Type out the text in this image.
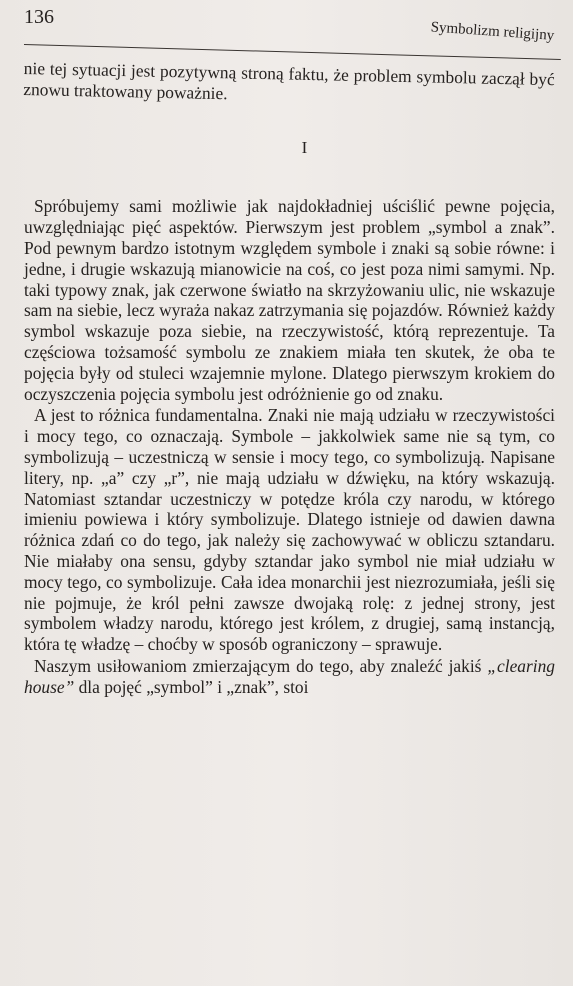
136
Symbolizm religijny

nie tej sytuacji jest pozytywną stroną faktu, że problem symbolu zaczął być znowu traktowany poważnie.

I

Spróbujemy sami możliwie jak najdokładniej uściślić pewne pojęcia, uwzględniając pięć aspektów. Pierwszym jest problem „symbol a znak”. Pod pewnym bardzo istotnym względem symbole i znaki są sobie równe: i jedne, i drugie wskazują mianowicie na coś, co jest poza nimi samymi. Np. taki typowy znak, jak czerwone światło na skrzyżowaniu ulic, nie wskazuje sam na siebie, lecz wyraża nakaz zatrzymania się pojazdów. Również każdy symbol wskazuje poza siebie, na rzeczywistość, którą reprezentuje. Ta częściowa tożsamość symbolu ze znakiem miała ten skutek, że oba te pojęcia były od stuleci wzajemnie mylone. Dlatego pierwszym krokiem do oczyszczenia pojęcia symbolu jest odróżnienie go od znaku.

A jest to różnica fundamentalna. Znaki nie mają udziału w rzeczywistości i mocy tego, co oznaczają. Symbole – jakkolwiek same nie są tym, co symbolizują – uczestniczą w sensie i mocy tego, co symbolizują. Napisane litery, np. „a” czy „r”, nie mają udziału w dźwięku, na który wskazują. Natomiast sztandar uczestniczy w potędze króla czy narodu, w którego imieniu powiewa i który symbolizuje. Dlatego istnieje od dawien dawna różnica zdań co do tego, jak należy się zachowywać w obliczu sztandaru. Nie miałaby ona sensu, gdyby sztandar jako symbol nie miał udziału w mocy tego, co symbolizuje. Cała idea monarchii jest niezrozumiała, jeśli się nie pojmuje, że król pełni zawsze dwojaką rolę: z jednej strony, jest symbolem władzy narodu, którego jest królem, z drugiej, samą instancją, która tę władzę – choćby w sposób ograniczony – sprawuje.

Naszym usiłowaniom zmierzającym do tego, aby znaleźć jakiś „clearing house” dla pojęć „symbol” i „znak”, stoi
